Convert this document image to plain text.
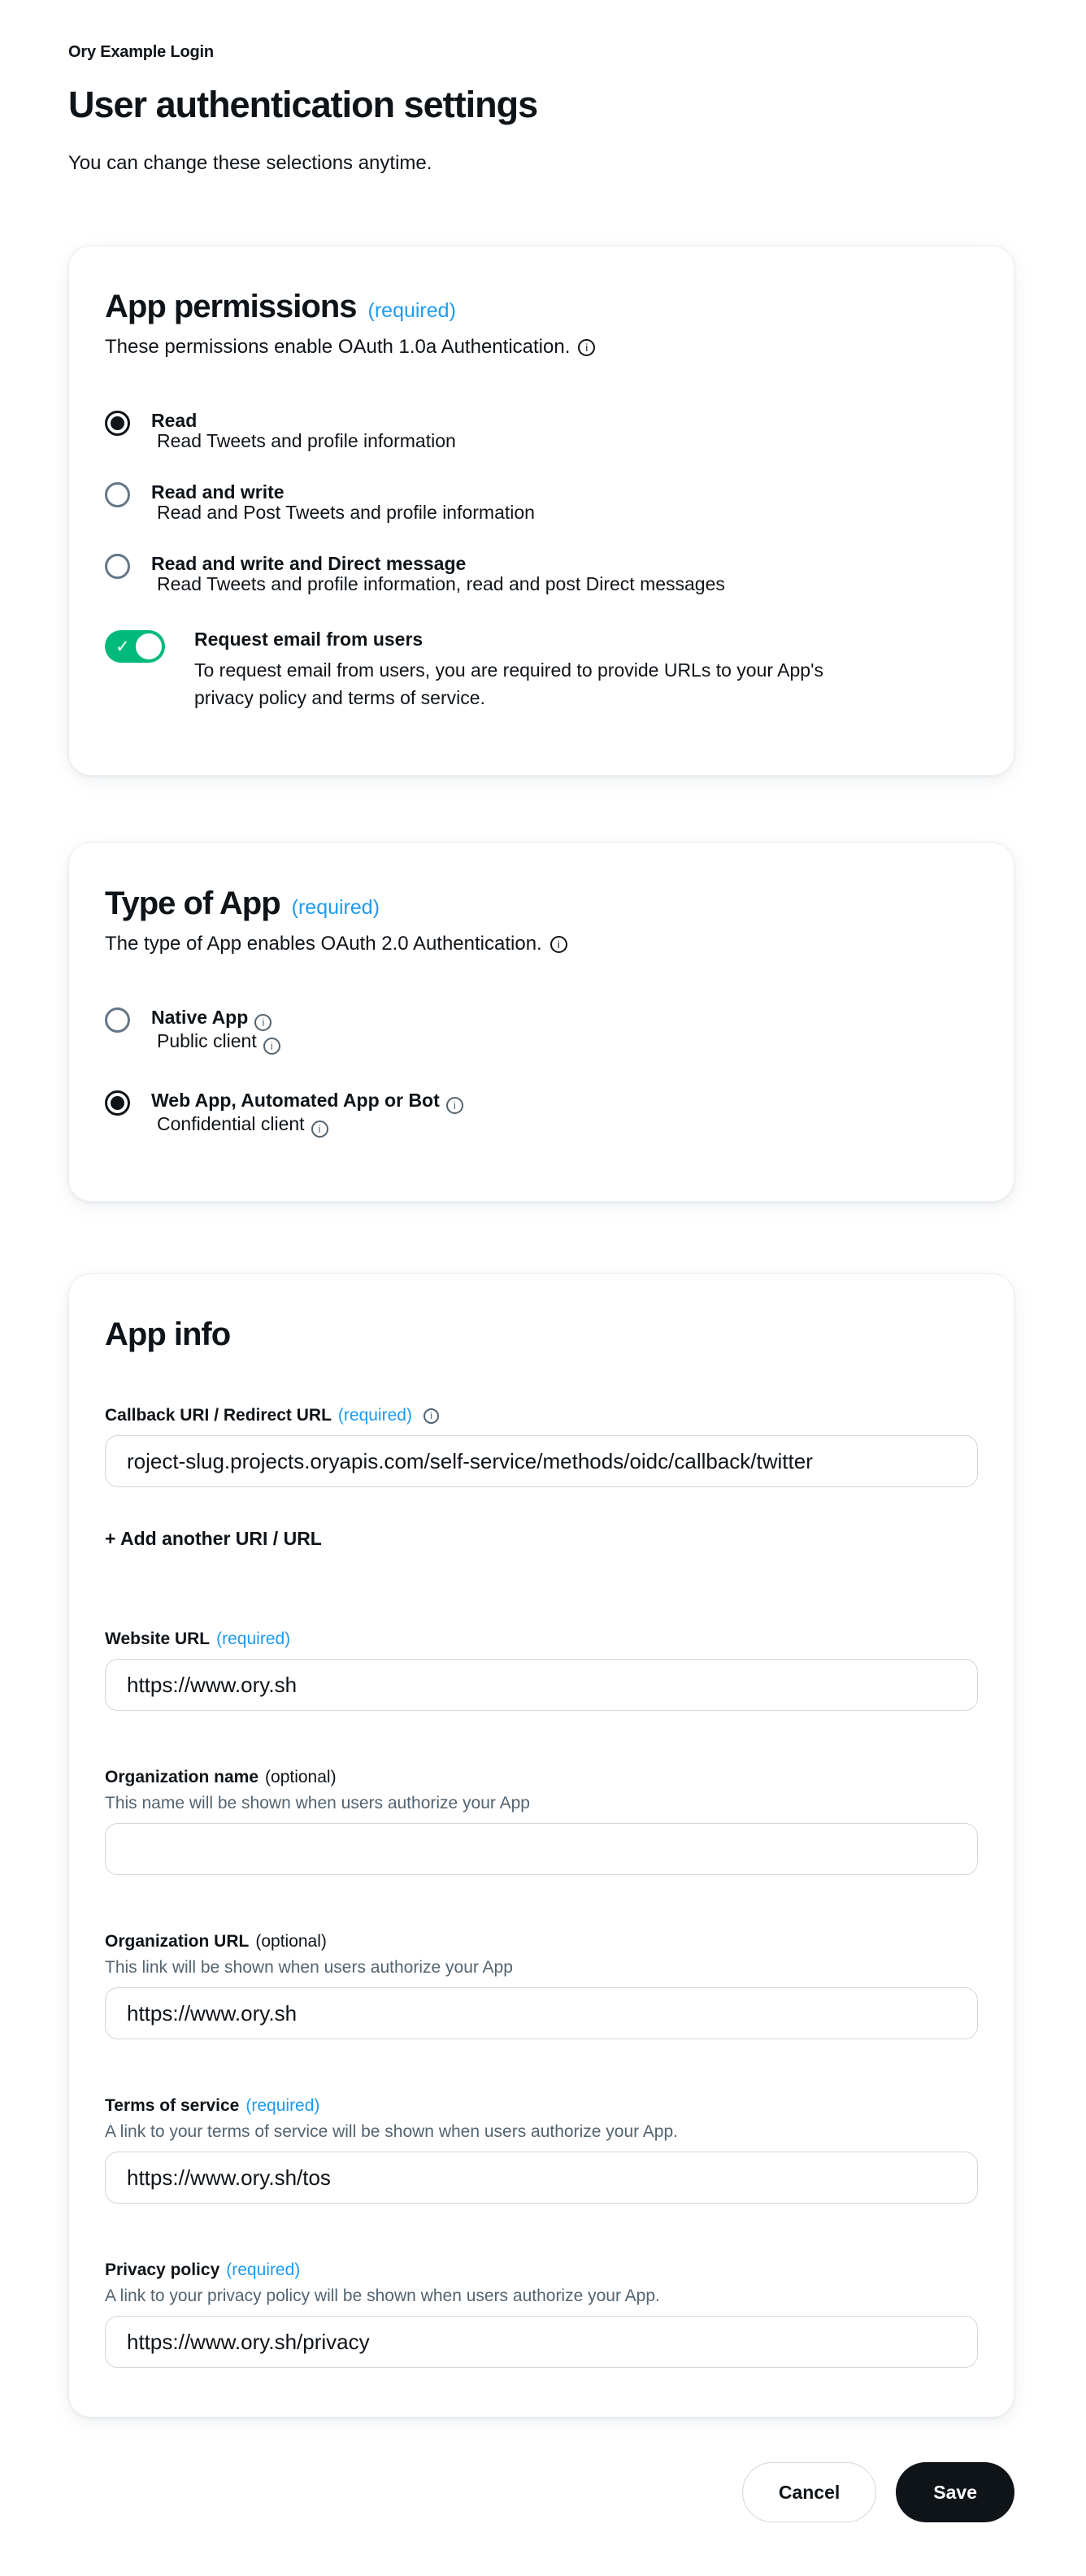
Ory Example Login
User authentication settings

You can change these selections anytime.

App permissions (required)

These permissions enable OAuth 1.0a Authentication.	i

Read
Read Tweets and profile information
Read and write
Read and Post Tweets and profile information
Read and write and Direct message
Read Tweets and profile information, read and post Direct messages
✓	Request email from users
To request email from users, you are required to provide URLs to your App's privacy policy and terms of service.
Type of App (required)

The type of App enables OAuth 2.0 Authentication.	i

Native App i
Public client i
Web App, Automated App or Bot i
Confidential client i
App info
Callback URI / Redirect URL (required)	i
roject-slug.projects.oryapis.com/self-service/methods/oidc/callback/twitter
+ Add another URI / URL
Website URL (required)
https://www.ory.sh
Organization name (optional)
This name will be shown when users authorize your App
Organization URL (optional)
This link will be shown when users authorize your App
https://www.ory.sh
Terms of service (required)
A link to your terms of service will be shown when users authorize your App.
https://www.ory.sh/tos
Privacy policy (required)
A link to your privacy policy will be shown when users authorize your App.
https://www.ory.sh/privacy
Cancel	Save
